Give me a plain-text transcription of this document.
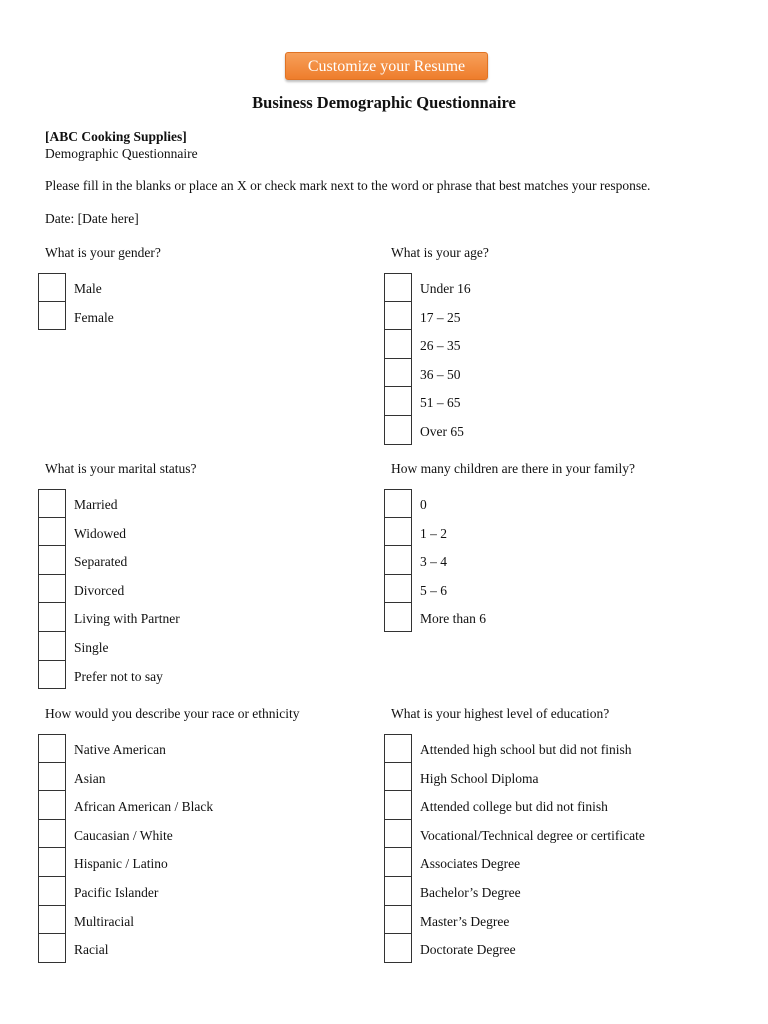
Customize your Resume
Business Demographic Questionnaire
[ABC Cooking Supplies]
Demographic Questionnaire
Please fill in the blanks or place an X or check mark next to the word or phrase that best matches your response.
Date: [Date here]
What is your gender?
Male
Female
What is your age?
Under 16
17 – 25
26 – 35
36 – 50
51 – 65
Over 65
What is your marital status?
Married
Widowed
Separated
Divorced
Living with Partner
Single
Prefer not to say
How many children are there in your family?
0
1 – 2
3 – 4
5 – 6
More than 6
How would you describe your race or ethnicity
Native American
Asian
African American / Black
Caucasian / White
Hispanic / Latino
Pacific Islander
Multiracial
Racial
What is your highest level of education?
Attended high school but did not finish
High School Diploma
Attended college but did not finish
Vocational/Technical degree or certificate
Associates Degree
Bachelor’s Degree
Master’s Degree
Doctorate Degree
